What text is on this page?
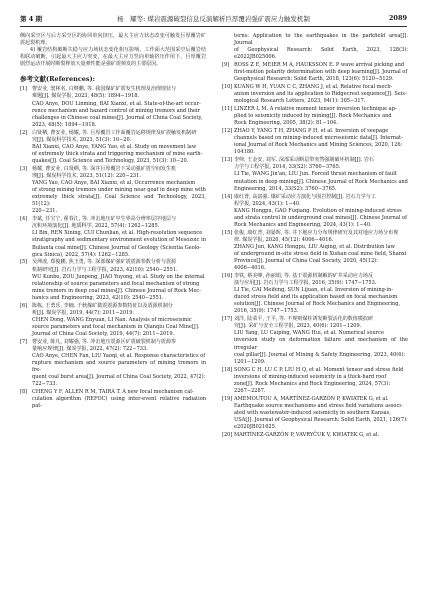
第 4 期	杨　耀等: 煤岩震源破裂信息反演解析巨厚覆岩强矿震应力触发机制	2089

侧向采空区与后方采空区的协同单向挤压，最大主应力状态改变可触发巨厚覆岩矿震起裂机理。

4) 覆岩结构破断失稳与应力场状态变化相互影响，工作面大范围采空后覆岩结构联动破断，引起最大主应力突变，在最大主应力竖向单轴挤压作用下，巨厚覆岩剧烈运动开展时断裂释放大量弹性能是强矿震频发的主要原因。

参考文献(References):
[1] 曹安业, 窦林名, 白继鹏, 等. 我国煤矿矿震发生机理及治理现状与
难题[J]. 煤炭学报, 2023, 48(5): 1894−1918.
CAO Anye, DOU Linming, BAI Xianxi, et al. State-of-the-art occur-
rence mechanism and hazard control of mining tremors and their
challenges in Chinese coal mines[J]. Journal of China Coal Society,
2023, 48(5): 1894−1918.
[2] 白贤栖, 曹安业, 杨耀, 等. 巨厚覆岩工作面覆岩运移规律及矿震触发机制研
究[J]. 煤炭科学技术, 2023, 51(3): 10−20.
BAI Xianxi, CAO Anye, YANG Yao, et al. Study on movement law
of extremely thick strata and triggering mechanism of mine earth-
quakes[J]. Coal Science and Technology, 2023, 51(3): 10−20.
[3] 杨耀, 曹安业, 白贤栖, 等. 深井巨厚覆岩下采动强矿震空间发生机
理[J]. 煤炭科学技术, 2023, 51(12): 220−231.
YANG Yao, CAO Anye, BAI Xianxi, et al. Occurrence mechanism
of strong mining tremors under mining near goaf in deep mine with
extremely thick strata[J]. Coal Science and Technology, 2023, 51(12):
220−231.
[4] 李斌, 任宝宁, 翟春江, 等. 冲击地压矿中生界高分辨率层序地层与
沉积环境演化[J]. 地质科学, 2022, 57(4): 1262−1285.
LI Bin, REN Xining, CUI Chunlian, et al. High-resolution sequence
stratigraphy and sedimentary environment evolution of Mesozoic in
Bulianta coal mine[J]. Chinese Journal of Geology (Scientia Geolo-
gica Sinica), 2022, 57(4): 1262−1285.
[5] 吴坤波, 郑俊鹏, 焦玉勇, 等. 深部煤矿强矿震震源参数分析与震源
机制研究[J]. 岩石力学与工程学报, 2023, 42(10): 2540−2551.
WU Kunbo, ZOU Junpeng, JIAO Yuyong, et al. Study on the internal
relationship of source parameters and focal mechanism of strong
mine tremors in deep coal mines[J]. Chinese Journal of Rock Mec-
hanics and Engineering, 2023, 42(10): 2540−2551.
[6] 陈栋, 王勇乐, 李楠. 千秋煤矿微震震源参数特征以及震源机制分
析[J]. 煤炭学报, 2019, 44(7): 2011−2019.
CHEN Dong, WANG Enyuan, LI Nan. Analysis of microseismic
source parameters and focal mechanism in Qianqiu Coal Mine[J].
Journal of China Coal Society, 2019, 44(7): 2011−2019.
[7] 曹安业, 陈凡, 刘耀强, 等. 冲击地压震源区矿震破裂机制与震源参
量响应规律[J]. 煤炭学报, 2022, 47(2): 722−733.
CAO Anye, CHEN Fan, LIU Yaoqi, et al. Response characteristics of
rupture mechanism and source parameters of mining tremors in fre-
quent coal burst area[J]. Journal of China Coal Society, 2022, 47(2):
722−733.
[8] CHENG Y F, ALLEN R M, TAIRA T. A new focal mechanism cal-
culation algorithm (REFOC) using inter-event relative radiation pat-
terns: Application to the earthquakes in the parkfield area[J]. Journal
of Geophysical Research: Solid Earth, 2023, 128(3): e2022JB025006.
[9] ROSS Z E, MEIER M A, HAUKSSON E. P wave arrival picking and
first-motion polarity determination with deep learning[J]. Journal of
Geophysical Research: Solid Earth, 2018, 123(6): 5120−5129.
[10] KUANG W H, YUAN C C, ZHANG J, et al. Relative focal mech-
anism inversion and its application to Ridgecrest sequence[J]. Seis-
mological Research Letters, 2023, 94(1): 305−317.
[11] LINZER L M. A relative moment tensor inversion technique ap-
plied to seismicity induced by mining[J]. Rock Mechanics and
Rock Engineering, 2005, 38(2): 81−104.
[12] ZHAO Y, YANG T H, ZHANG P H, et al. Inversion of seepage
channels based on mining-induced microseismic data[J]. Internat-
ional Journal of Rock Mechanics and Mining Sciences, 2020, 126:
104180.
[13] 李帅, 王金安, 刘军. 深部采动断层带突然强制破坏机制[J]. 岩石
力学与工程学报, 2014, 33(S2): 3760−3765.
LI Tie, WANG Jin'an, LIU Jun. Forced thrust mechanism of fault
mutation in deep mining[J]. Chinese Journal of Rock Mechanics and
Engineering, 2014, 33(S2): 3760−3765.
[14] 康红普, 高富强. 煤矿采动应力演化与围岩控制[J]. 岩石力学与工
程学报, 2024, 43(1): 1−40.
KANG Hongpu, GAO Fuqiang. Evolution of mining-induced stress
and strata control in underground coal mines[J]. Chinese Journal of
Rock Mechanics and Engineering, 2024, 43(1): 1−40.
[15] 张俊, 康红普, 刘晏晖, 等. 井下地应力分布规律研究及其对地应力场分布规
律. 煤炭学报, 2020, 45(12): 4006−4016.
ZHANG Jun, KANG Hongpu, LIU Aiqing, et al. Distribution law
of underground in-situ stress field in Xishan coal mine field, Shanxi
Province[J]. Journal of China Coal Society, 2020, 45(12):
4006−4016.
[16] 李铁, 蔡美峰, 孙丽娟, 等. 基于震源机制解的矿井采动应力场反
演与应用[J]. 岩石力学与工程学报, 2016, 35(9): 1747−1753.
LI Tie, CAI Meifeng, SUN Lijuan, et al. Inversion of mining-in-
duced stress field and its application based on focal mechanism
solution[J]. Chinese Journal of Rock Mechanics and Engineering,
2016, 35(9): 1747−1753.
[17] 刘洋, 陆菜平, 王平, 等. 不规则煤柱诱发断裂活化的数值模拟研
究[J]. 采矿与安全工程学报, 2023, 40(6): 1201−1209.
LIU Yang, LU Caiping, WANG Hui, et al. Numerical source
inversion study on deformation failure and mechanism of the irregular
coal pillar[J]. Journal of Mining & Safety Engineering, 2023, 40(6):
1201−1209.
[18] SONG C H, LU C P, LIU H Q, et al. Moment tensor and stress field
inversions of mining-induced seismicity in a thick-hard roof
zone[J]. Rock Mechanics and Rock Engineering, 2024, 57(3):
2267−2287.
[19] AMEMOUTOU A, MARTÍNEZ-GARZÓN P, KWIATEK G, et al.
Earthquake source mechanisms and stress field variations associ-
ated with wastewater-induced seismicity in southern Kansas,
USA[J]. Journal of Geophysical Research: Solid Earth, 2021, 126(7):
e2020JB021625.
[20] MARTÍNEZ-GARZÓN P, VAVRYČUK V, KWIATEK G, et al.
